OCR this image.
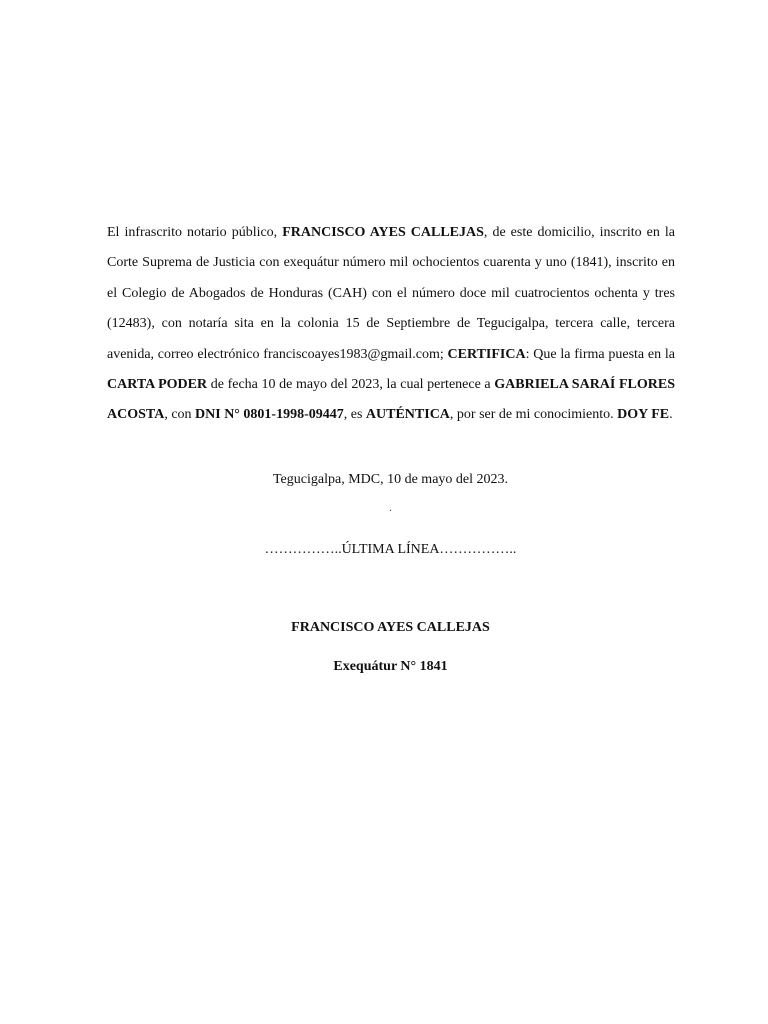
El infrascrito notario público, FRANCISCO AYES CALLEJAS, de este domicilio, inscrito en la Corte Suprema de Justicia con exequátur número mil ochocientos cuarenta y uno (1841), inscrito en el Colegio de Abogados de Honduras (CAH) con el número doce mil cuatrocientos ochenta y tres (12483), con notaría sita en la colonia 15 de Septiembre de Tegucigalpa, tercera calle, tercera avenida, correo electrónico franciscoayes1983@gmail.com; CERTIFICA: Que la firma puesta en la CARTA PODER de fecha 10 de mayo del 2023, la cual pertenece a GABRIELA SARAÍ FLORES ACOSTA, con DNI N° 0801-1998-09447, es AUTÉNTICA, por ser de mi conocimiento. DOY FE.

Tegucigalpa, MDC, 10 de mayo del 2023.

.

……………..ÚLTIMA LÍNEA……………..

FRANCISCO AYES CALLEJAS

Exequátur N° 1841
